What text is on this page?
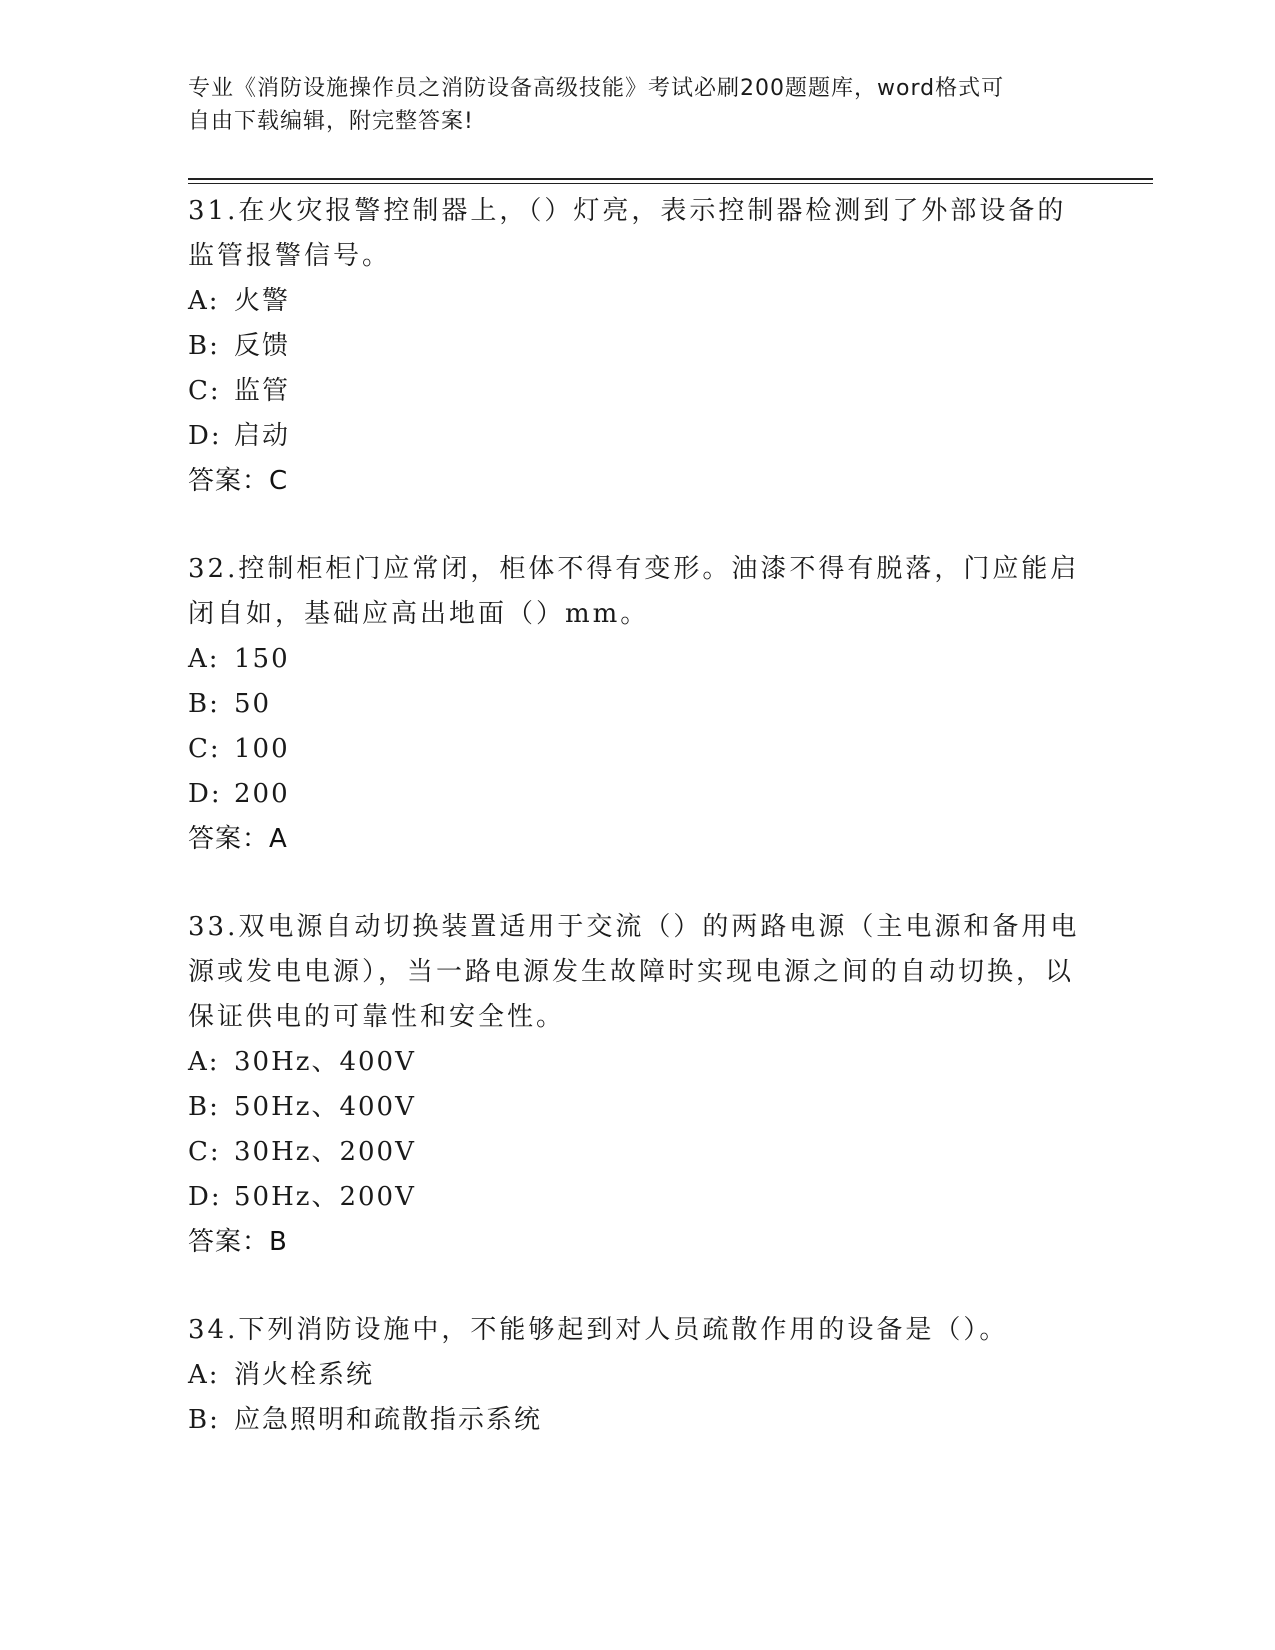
专业《消防设施操作员之消防设备高级技能》考试必刷200题题库，word格式可
自由下载编辑，附完整答案!

31.在火灾报警控制器上，（）灯亮，表示控制器检测到了外部设备的监管报警信号。

A: 火警

B: 反馈

C: 监管

D: 启动

答案：C

32.控制柜柜门应常闭，柜体不得有变形。油漆不得有脱落，门应能启闭自如，基础应高出地面（）mm。

A: 150

B: 50

C: 100

D: 200

答案：A

33.双电源自动切换装置适用于交流（）的两路电源（主电源和备用电源或发电电源），当一路电源发生故障时实现电源之间的自动切换，以保证供电的可靠性和安全性。

A: 30Hz、400V

B: 50Hz、400V

C: 30Hz、200V

D: 50Hz、200V

答案：B

34.下列消防设施中，不能够起到对人员疏散作用的设备是（）。

A: 消火栓系统

B: 应急照明和疏散指示系统
